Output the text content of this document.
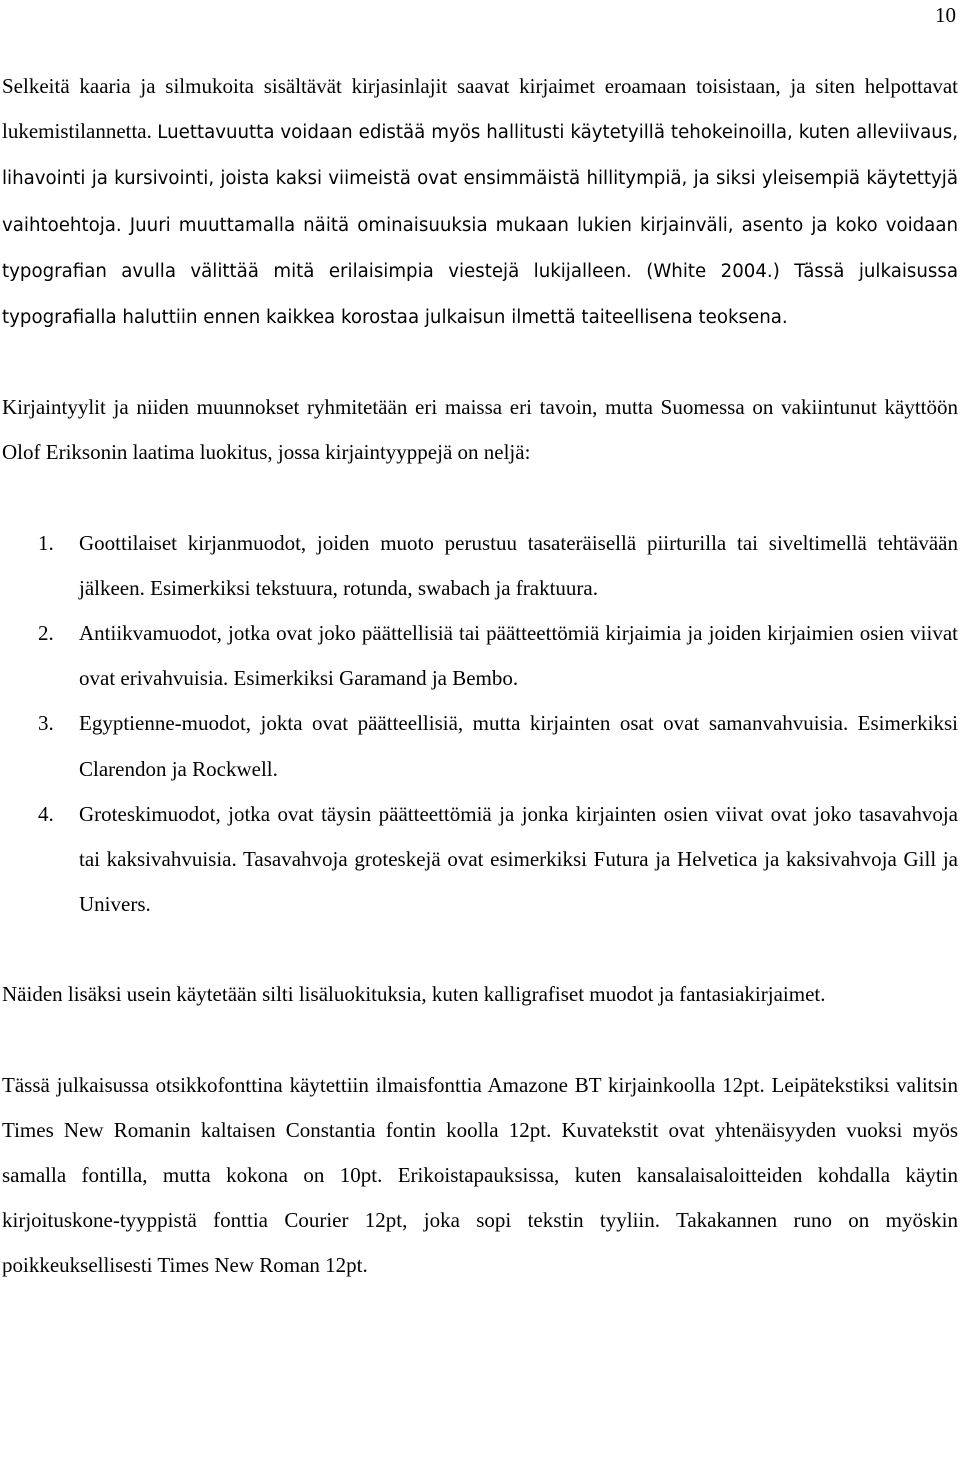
10

Selkeitä kaaria ja silmukoita sisältävät kirjasinlajit saavat kirjaimet eroamaan toisistaan, ja siten helpottavat lukemistilannetta. Luettavuutta voidaan edistää myös hallitusti käytetyillä tehokeinoilla, kuten alleviivaus, lihavointi ja kursivointi, joista kaksi viimeistä ovat ensimmäistä hillitympiä, ja siksi yleisempiä käytettyjä vaihtoehtoja. Juuri muuttamalla näitä ominaisuuksia mukaan lukien kirjainväli, asento ja koko voidaan typografian avulla välittää mitä erilaisimpia viestejä lukijalleen. (White 2004.) Tässä julkaisussa typografialla haluttiin ennen kaikkea korostaa julkaisun ilmettä taiteellisena teoksena.

Kirjaintyylit ja niiden muunnokset ryhmitetään eri maissa eri tavoin, mutta Suomessa on vakiintunut käyttöön Olof Eriksonin laatima luokitus, jossa kirjaintyyppejä on neljä:

1. Goottilaiset kirjanmuodot, joiden muoto perustuu tasateräisellä piirturilla tai siveltimellä tehtävään jälkeen. Esimerkiksi tekstuura, rotunda, swabach ja fraktuura.
2. Antiikvamuodot, jotka ovat joko päättellisiä tai päätteettömiä kirjaimia ja joiden kirjaimien osien viivat ovat erivahvuisia. Esimerkiksi Garamand ja Bembo.
3. Egyptienne-muodot, jokta ovat päätteellisiä, mutta kirjainten osat ovat samanvahvuisia. Esimerkiksi Clarendon ja Rockwell.
4. Groteskimuodot, jotka ovat täysin päätteettömiä ja jonka kirjainten osien viivat ovat joko tasavahvoja tai kaksivahvuisia. Tasavahvoja groteskejä ovat esimerkiksi Futura ja Helvetica ja kaksivahvoja Gill ja Univers.

Näiden lisäksi usein käytetään silti lisäluokituksia, kuten kalligrafiset muodot ja fantasiakirjaimet.

Tässä julkaisussa otsikkofonttina käytettiin ilmaisfonttia Amazone BT kirjainkoolla 12pt. Leipätekstiksi valitsin Times New Romanin kaltaisen Constantia fontin koolla 12pt. Kuvatekstit ovat yhtenäisyyden vuoksi myös samalla fontilla, mutta kokona on 10pt. Erikoistapauksissa, kuten kansalaisaloitteiden kohdalla käytin kirjoituskone-tyyppistä fonttia Courier 12pt, joka sopi tekstin tyyliin. Takakannen runo on myöskin poikkeuksellisesti Times New Roman 12pt.
